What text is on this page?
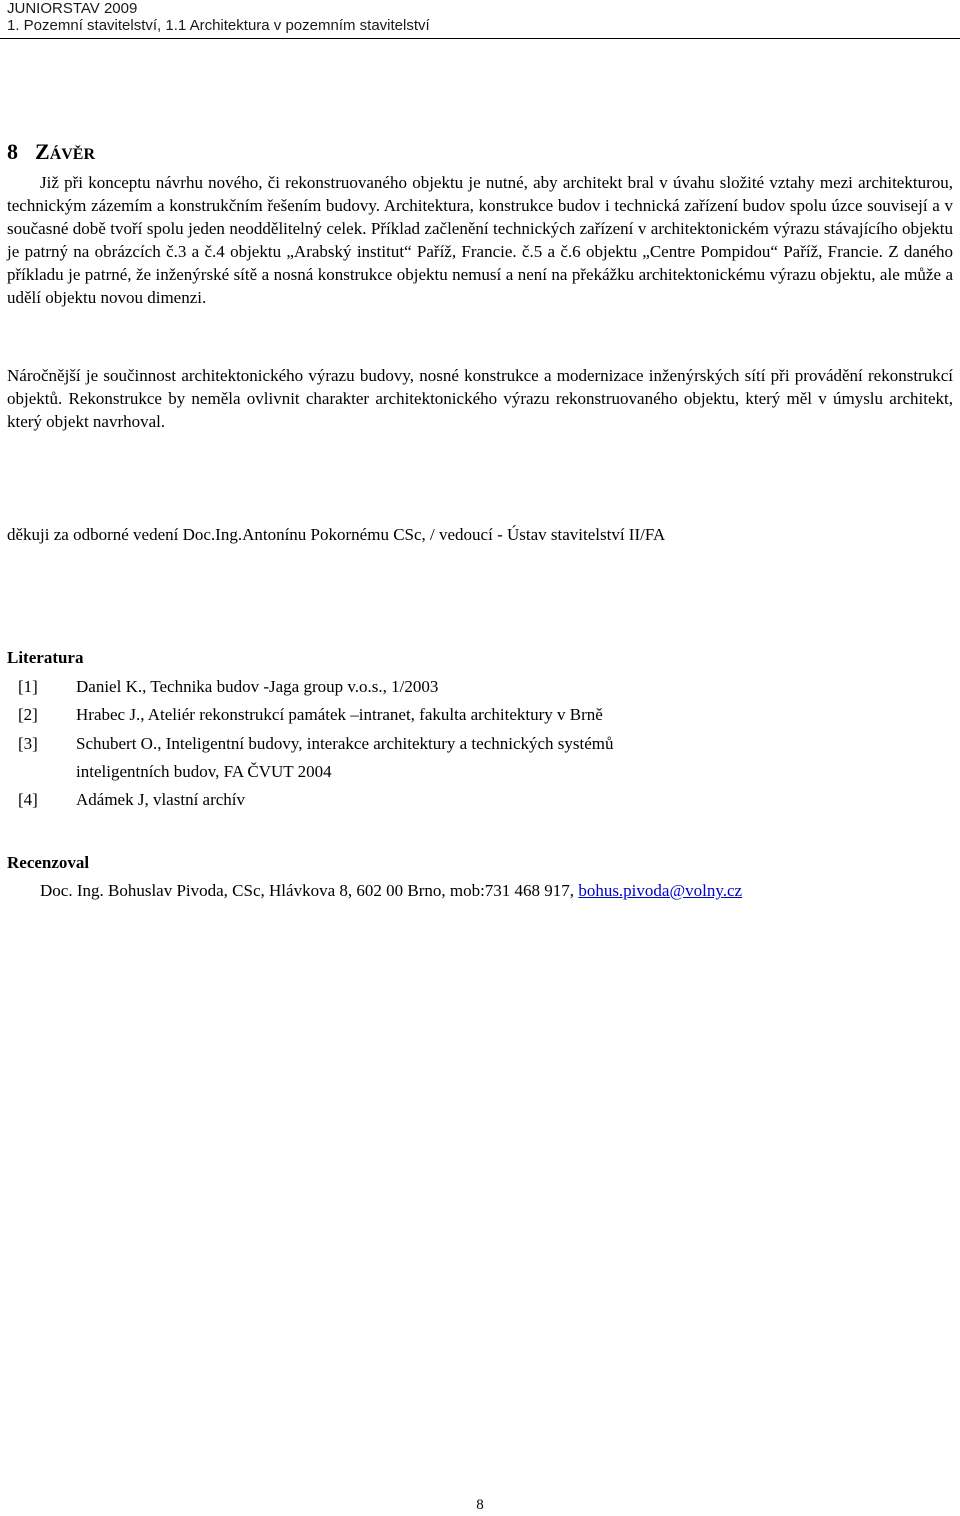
JUNIORSTAV 2009
1. Pozemní stavitelství, 1.1 Architektura v pozemním stavitelství
8 ZÁVĚR
Již při konceptu návrhu nového, či rekonstruovaného objektu je nutné, aby architekt bral v úvahu složité vztahy mezi architekturou, technickým zázemím a konstrukčním řešením budovy. Architektura, konstrukce budov i technická zařízení budov spolu úzce souvisejí a v současné době tvoří spolu jeden neoddělitelný celek. Příklad začlenění technických zařízení v architektonickém výrazu stávajícího objektu je patrný na obrázcích č.3 a č.4 objektu „Arabský institut“ Paříž, Francie. č.5 a č.6 objektu „Centre Pompidou“ Paříž, Francie. Z daného příkladu je patrné, že inženýrské sítě a nosná konstrukce objektu nemusí a není na překážku architektonickému výrazu objektu, ale může a udělí objektu novou dimenzi.
Náročnější je součinnost architektonického výrazu budovy, nosné konstrukce a modernizace inženýrských sítí při provádění rekonstrukcí objektů. Rekonstrukce by neměla ovlivnit charakter architektonického výrazu rekonstruovaného objektu, který měl v úmyslu architekt, který objekt navrhoval.
děkuji za odborné vedení Doc.Ing.Antonínu Pokornému CSc, / vedoucí - Ústav stavitelství II/FA
Literatura
[1] Daniel K., Technika budov -Jaga group v.o.s., 1/2003
[2] Hrabec J., Ateliér rekonstrukcí památek –intranet, fakulta architektury v Brně
[3] Schubert O., Inteligentní budovy, interakce architektury a technických systémů
inteligentních budov, FA ČVUT 2004
[4] Adámek J, vlastní archív
Recenzoval
Doc. Ing. Bohuslav Pivoda, CSc, Hlávkova 8, 602 00 Brno, mob:731 468 917, bohus.pivoda@volny.cz
8
